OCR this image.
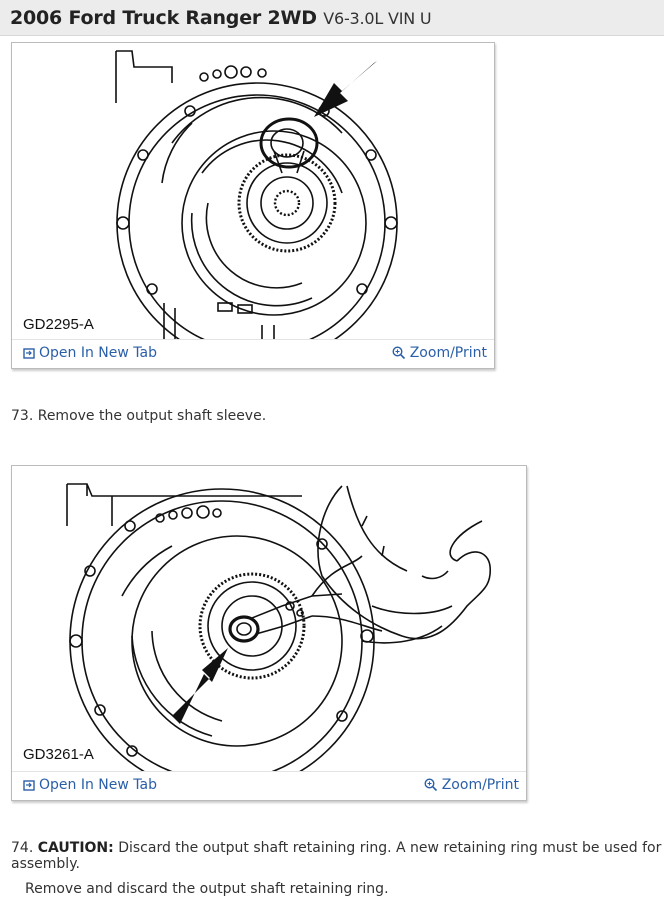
2006 Ford Truck Ranger 2WD V6-3.0L VIN U
GD2295-A
Open In New Tab	Zoom/Print
73. Remove the output shaft sleeve.
GD3261-A
Open In New Tab	Zoom/Print
74. CAUTION: Discard the output shaft retaining ring. A new retaining ring must be used for assembly.
Remove and discard the output shaft retaining ring.
